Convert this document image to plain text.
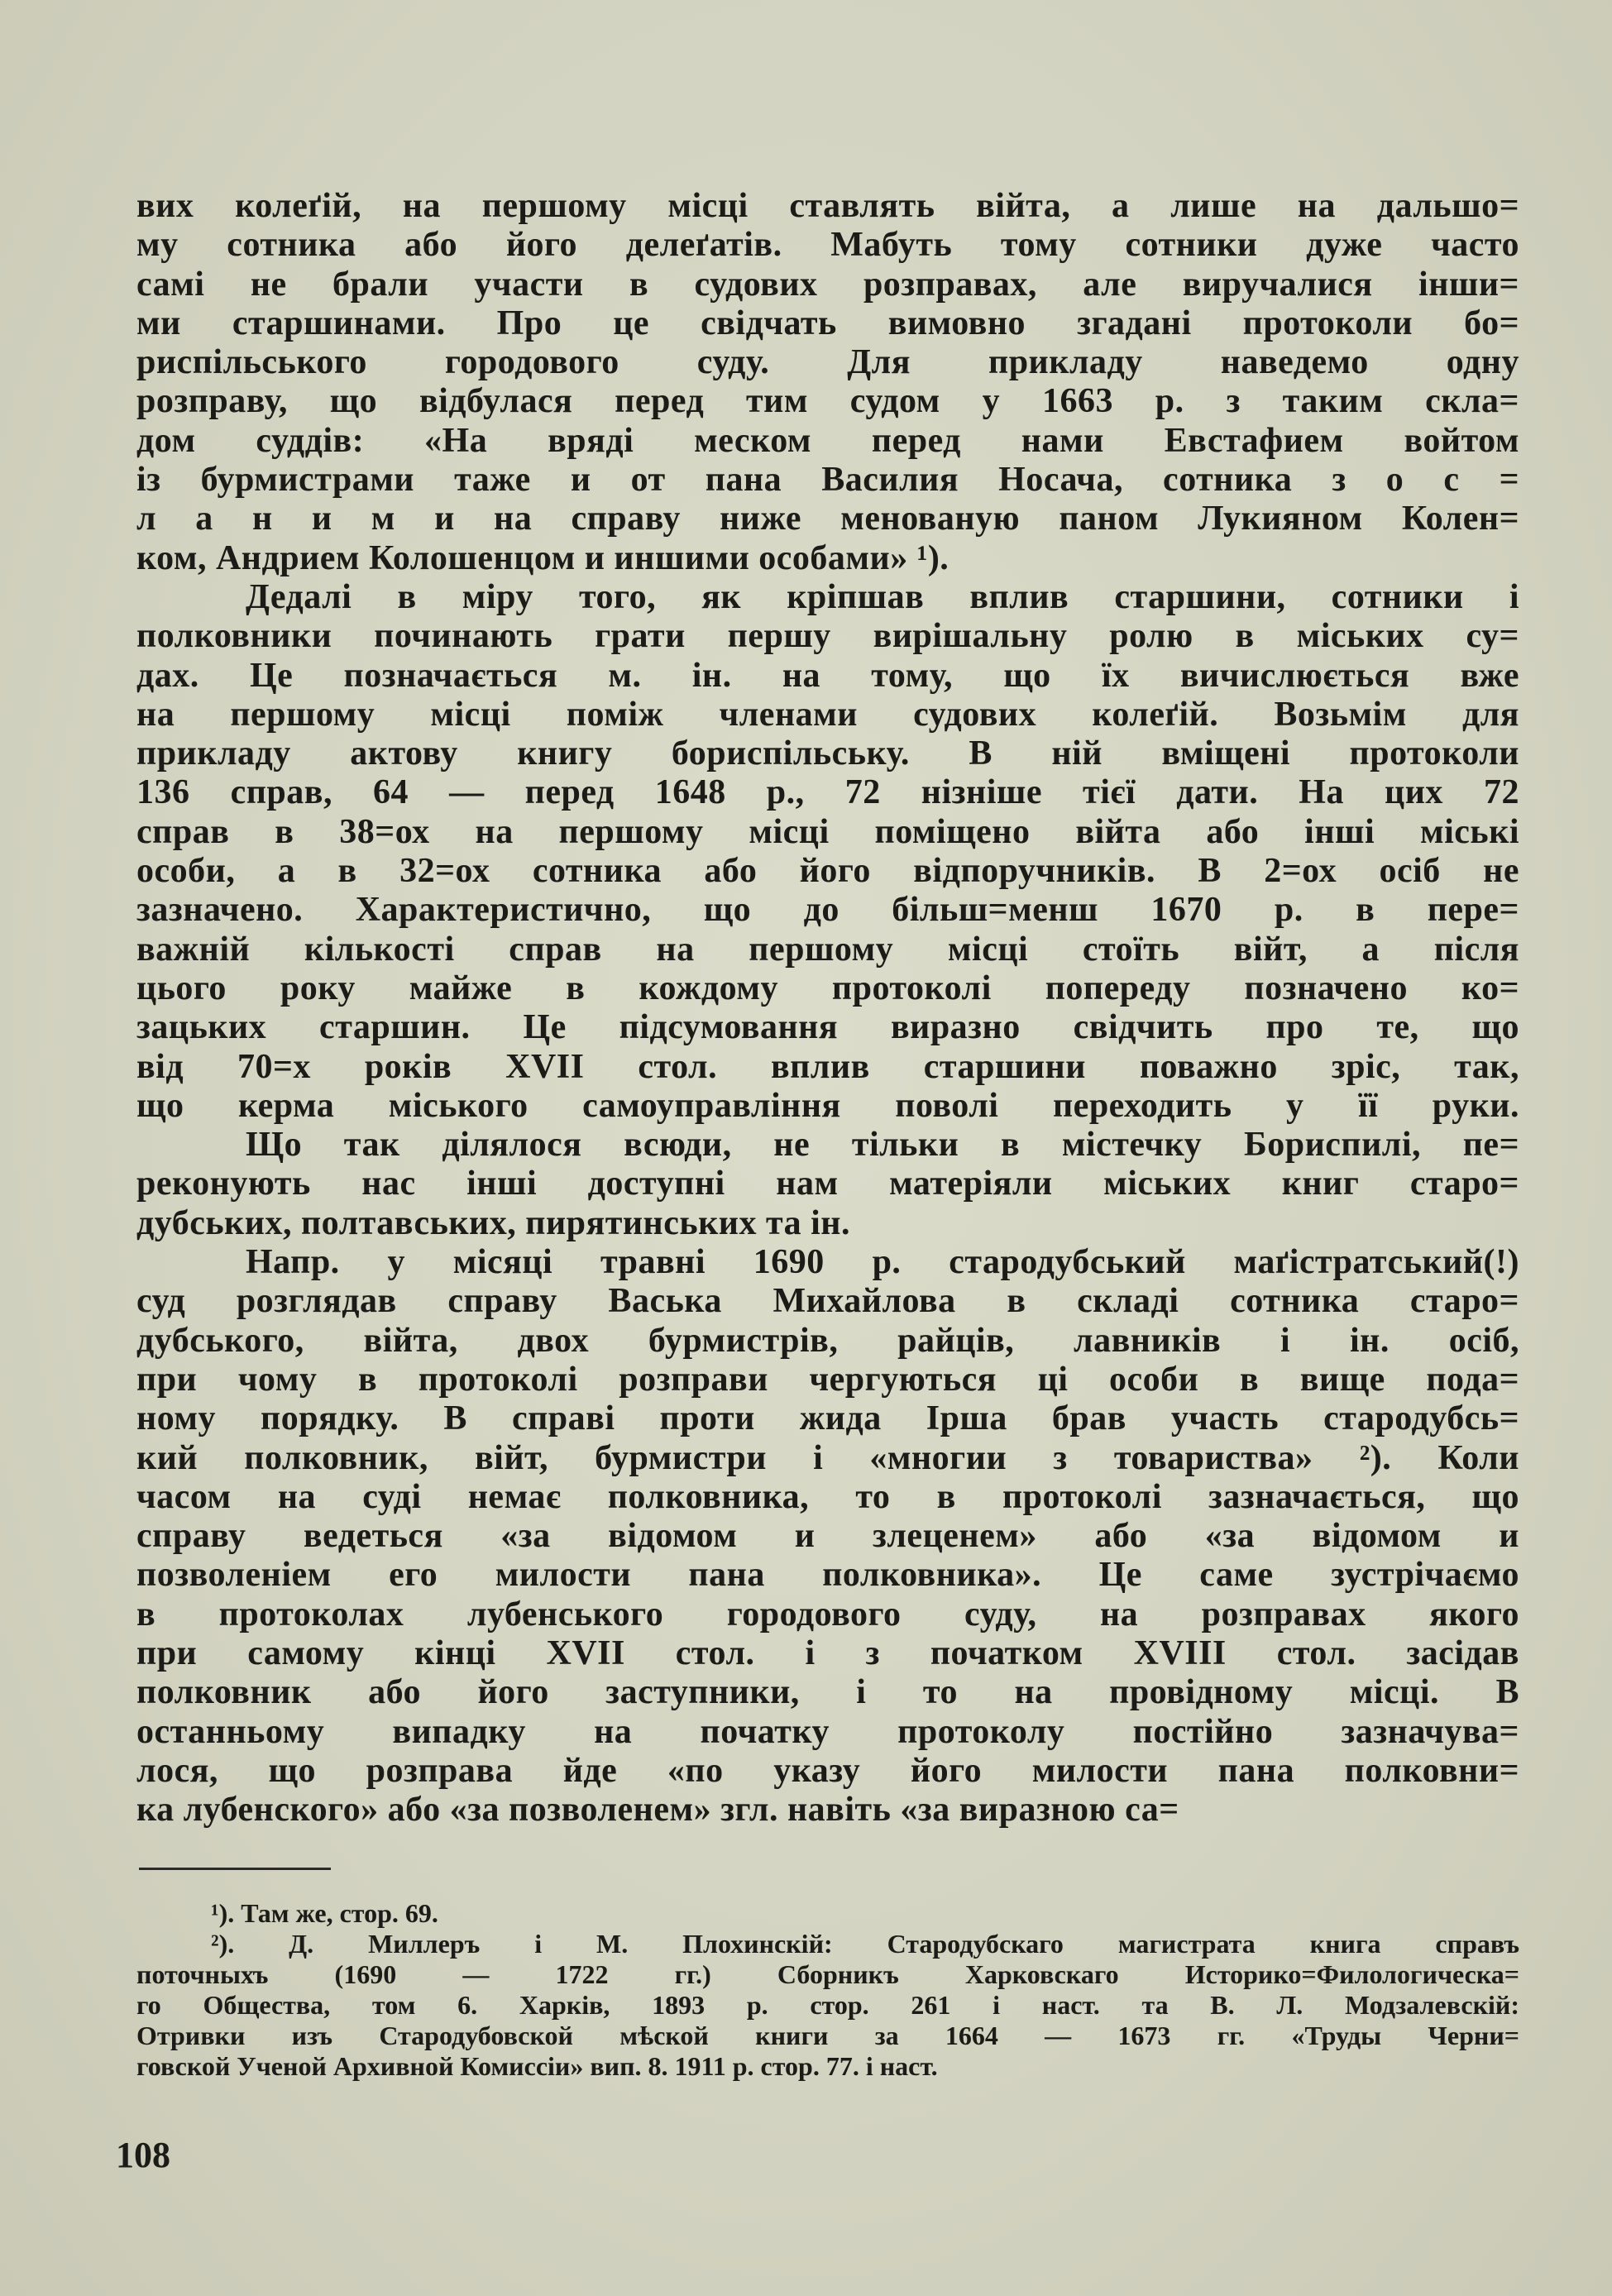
вих колеґій, на першому місці ставлять війта, а лише на дальшо=
му сотника або його делеґатів. Мабуть тому сотники дуже часто
самі не брали участи в судових розправах, але виручалися інши=
ми старшинами. Про це свідчать вимовно згадані протоколи бо=
риспільського городового суду. Для прикладу наведемо одну
розправу, що відбулася перед тим судом у 1663 р. з таким скла=
дом суддів: «На вряді меском перед нами Евстафием войтом
із бурмистрами таже и от пана Василия Носача, сотника з о с =
л а н и м и на справу ниже менованую паном Лукияном Колен=
ком, Андрием Колошенцом и иншими особами» ¹).
Дедалі в міру того, як кріпшав вплив старшини, сотники і
полковники починають грати першу вирішальну ролю в міських су=
дах. Це позначається м. ін. на тому, що їх вичислюється вже
на першому місці поміж членами судових колеґій. Возьмім для
прикладу актову книгу бориспільську. В ній вміщені протоколи
136 справ, 64 — перед 1648 р., 72 нізніше тієї дати. На цих 72
справ в 38=ох на першому місці поміщено війта або інші міські
особи, а в 32=ох сотника або його відпоручників. В 2=ох осіб не
зазначено. Характеристично, що до більш=менш 1670 р. в пере=
важній кількості справ на першому місці стоїть війт, а після
цього року майже в кождому протоколі попереду позначено ко=
зацьких старшин. Це підсумовання виразно свідчить про те, що
від 70=х років XVII стол. вплив старшини поважно зріс, так,
що керма міського самоуправління поволі переходить у її руки.
Що так ділялося всюди, не тільки в містечку Бориспилі, пе=
реконують нас інші доступні нам матеріяли міських книг старо=
дубських, полтавських, пирятинських та ін.
Напр. у місяці травні 1690 р. стародубський маґістратський(!)
суд розглядав справу Васька Михайлова в складі сотника старо=
дубського, війта, двох бурмистрів, райців, лавників і ін. осіб,
при чому в протоколі розправи чергуються ці особи в вище пода=
ному порядку. В справі проти жида Ірша брав участь стародубсь=
кий полковник, війт, бурмистри і «многии з товариства» ²). Коли
часом на суді немає полковника, то в протоколі зазначається, що
справу ведеться «за відомом и злеценем» або «за відомом и
позволеніем его милости пана полковника». Це саме зустрічаємо
в протоколах лубенського городового суду, на розправах якого
при самому кінці XVII стол. і з початком XVIII стол. засідав
полковник або його заступники, і то на провідному місці. В
останньому випадку на початку протоколу постійно зазначува=
лося, що розправа йде «по указу його милости пана полковни=
ка лубенского» або «за позволенем» згл. навіть «за виразною са=
¹). Там же, стор. 69.
²). Д. Миллеръ і М. Плохинскій: Стародубскаго магистрата книга справъ
поточныхъ (1690 — 1722 гг.) Сборникъ Харковскаго Историко=Филологическа=
го Общества, том 6. Харків, 1893 р. стор. 261 і наст. та В. Л. Модзалевскій:
Отривки изъ Стародубовской мѣской книги за 1664 — 1673 гг. «Труды Черни=
говской Ученой Архивной Комиссіи» вип. 8. 1911 р. стор. 77. і наст.
108
